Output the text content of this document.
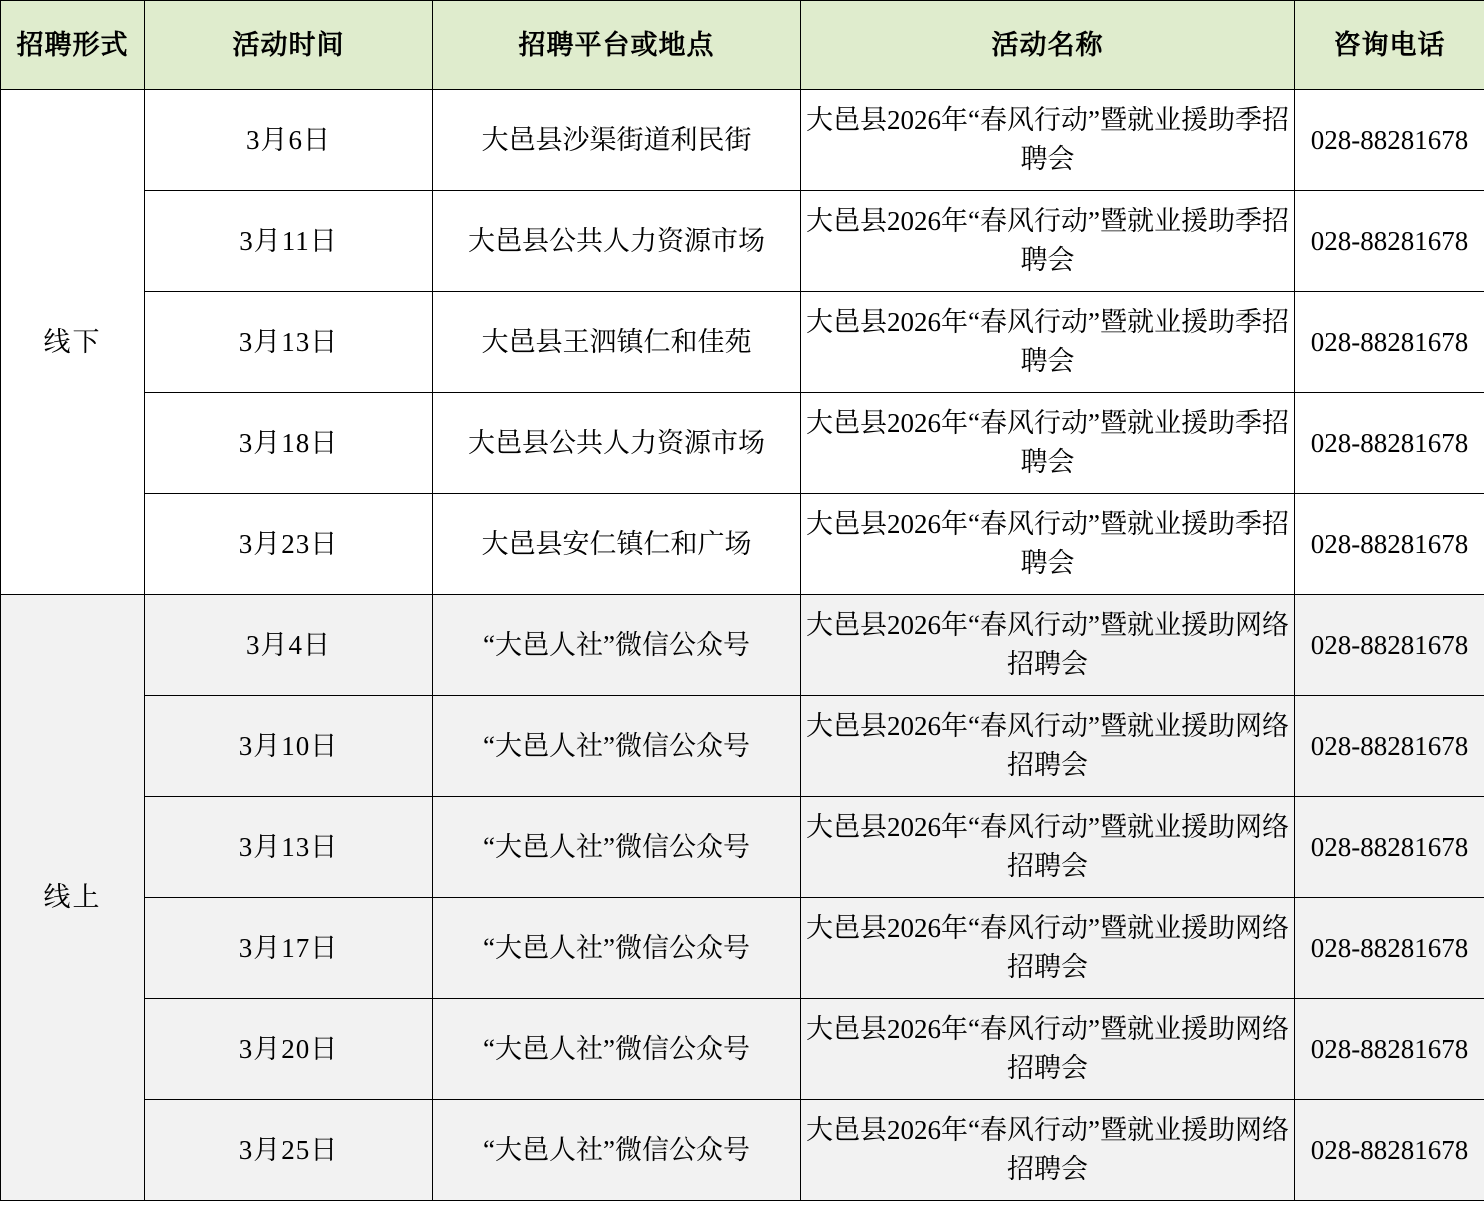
招聘形式	活动时间	招聘平台或地点	活动名称	咨询电话
线下	3月6日	大邑县沙渠街道利民街	大邑县2026年“春风行动”暨就业援助季招聘会	028-88281678
	3月11日	大邑县公共人力资源市场	大邑县2026年“春风行动”暨就业援助季招聘会	028-88281678
	3月13日	大邑县王泗镇仁和佳苑	大邑县2026年“春风行动”暨就业援助季招聘会	028-88281678
	3月18日	大邑县公共人力资源市场	大邑县2026年“春风行动”暨就业援助季招聘会	028-88281678
	3月23日	大邑县安仁镇仁和广场	大邑县2026年“春风行动”暨就业援助季招聘会	028-88281678
线上	3月4日	“大邑人社”微信公众号	大邑县2026年“春风行动”暨就业援助网络招聘会	028-88281678
	3月10日	“大邑人社”微信公众号	大邑县2026年“春风行动”暨就业援助网络招聘会	028-88281678
	3月13日	“大邑人社”微信公众号	大邑县2026年“春风行动”暨就业援助网络招聘会	028-88281678
	3月17日	“大邑人社”微信公众号	大邑县2026年“春风行动”暨就业援助网络招聘会	028-88281678
	3月20日	“大邑人社”微信公众号	大邑县2026年“春风行动”暨就业援助网络招聘会	028-88281678
	3月25日	“大邑人社”微信公众号	大邑县2026年“春风行动”暨就业援助网络招聘会	028-88281678
